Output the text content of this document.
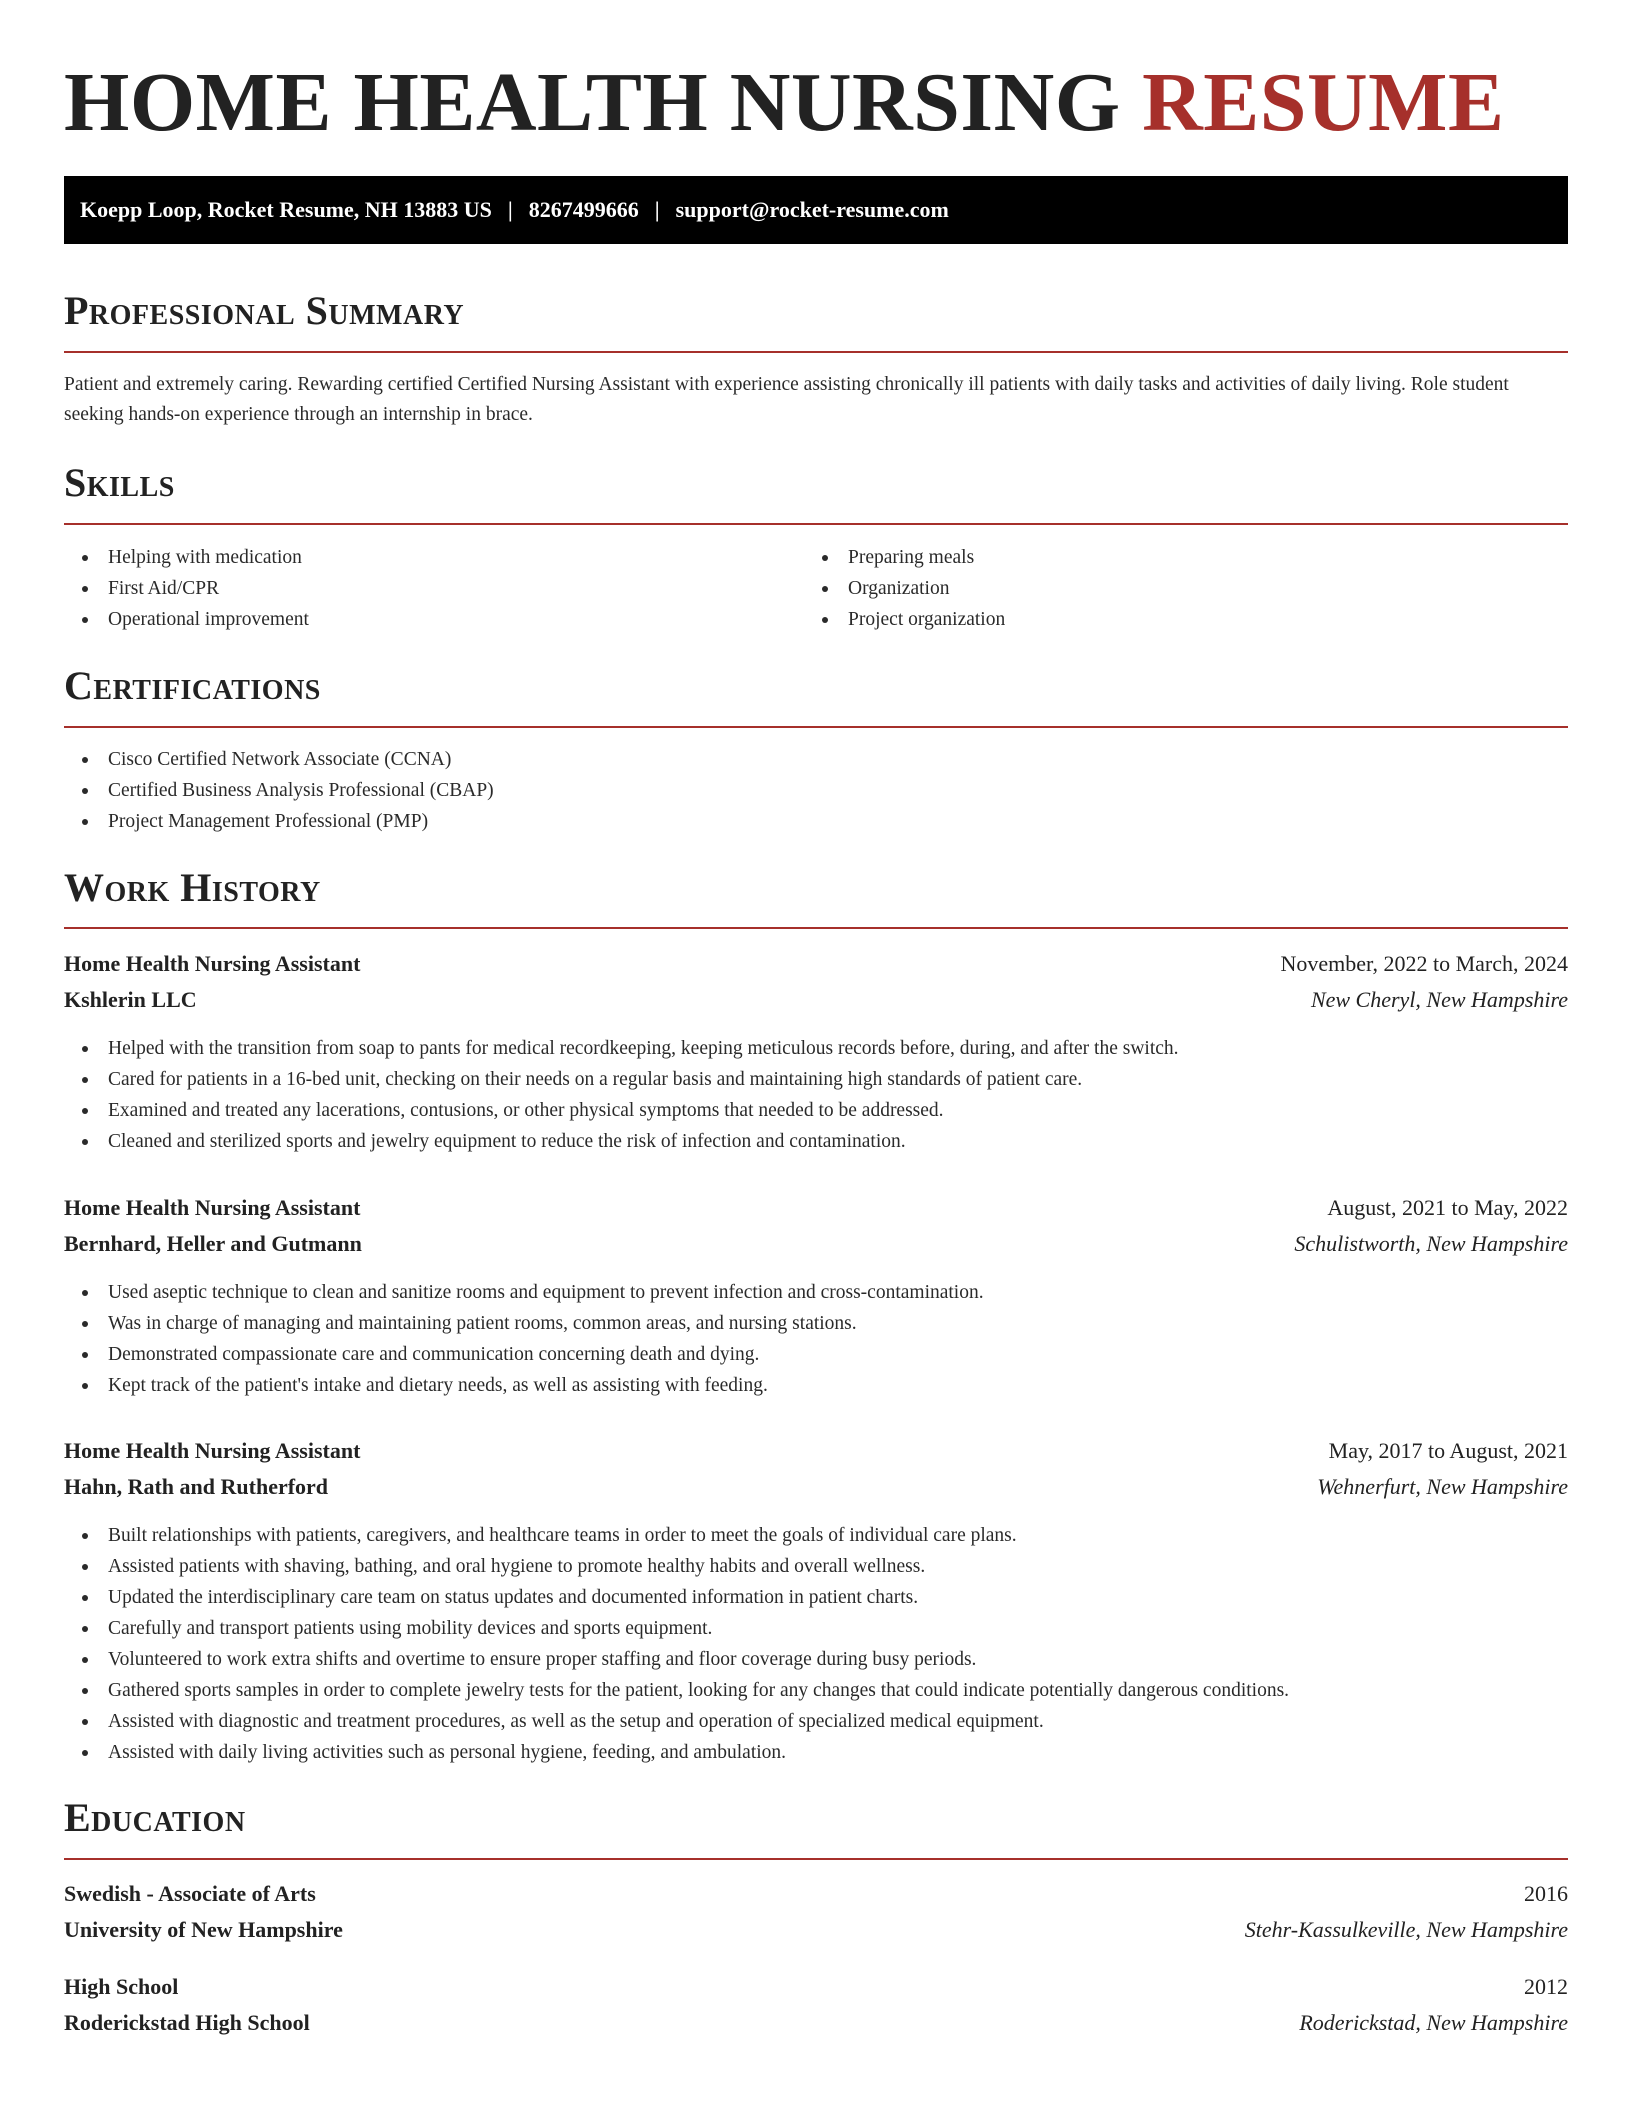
HOME HEALTH NURSING RESUME
Koepp Loop, Rocket Resume, NH 13883 US | 8267499666 | support@rocket-resume.com
Professional Summary

Patient and extremely caring. Rewarding certified Certified Nursing Assistant with experience assisting chronically ill patients with daily tasks and activities of daily living. Role student seeking hands-on experience through an internship in brace.

Skills
Helping with medication
First Aid/CPR
Operational improvement
Preparing meals
Organization
Project organization
Certifications
Cisco Certified Network Associate (CCNA)
Certified Business Analysis Professional (CBAP)
Project Management Professional (PMP)
Work History
Home Health Nursing Assistant	November, 2022 to March, 2024
Kshlerin LLC	New Cheryl, New Hampshire
Helped with the transition from soap to pants for medical recordkeeping, keeping meticulous records before, during, and after the switch.
Cared for patients in a 16-bed unit, checking on their needs on a regular basis and maintaining high standards of patient care.
Examined and treated any lacerations, contusions, or other physical symptoms that needed to be addressed.
Cleaned and sterilized sports and jewelry equipment to reduce the risk of infection and contamination.
Home Health Nursing Assistant	August, 2021 to May, 2022
Bernhard, Heller and Gutmann	Schulistworth, New Hampshire
Used aseptic technique to clean and sanitize rooms and equipment to prevent infection and cross-contamination.
Was in charge of managing and maintaining patient rooms, common areas, and nursing stations.
Demonstrated compassionate care and communication concerning death and dying.
Kept track of the patient's intake and dietary needs, as well as assisting with feeding.
Home Health Nursing Assistant	May, 2017 to August, 2021
Hahn, Rath and Rutherford	Wehnerfurt, New Hampshire
Built relationships with patients, caregivers, and healthcare teams in order to meet the goals of individual care plans.
Assisted patients with shaving, bathing, and oral hygiene to promote healthy habits and overall wellness.
Updated the interdisciplinary care team on status updates and documented information in patient charts.
Carefully and transport patients using mobility devices and sports equipment.
Volunteered to work extra shifts and overtime to ensure proper staffing and floor coverage during busy periods.
Gathered sports samples in order to complete jewelry tests for the patient, looking for any changes that could indicate potentially dangerous conditions.
Assisted with diagnostic and treatment procedures, as well as the setup and operation of specialized medical equipment.
Assisted with daily living activities such as personal hygiene, feeding, and ambulation.
Education
Swedish - Associate of Arts	2016
University of New Hampshire	Stehr-Kassulkeville, New Hampshire
High School	2012
Roderickstad High School	Roderickstad, New Hampshire
